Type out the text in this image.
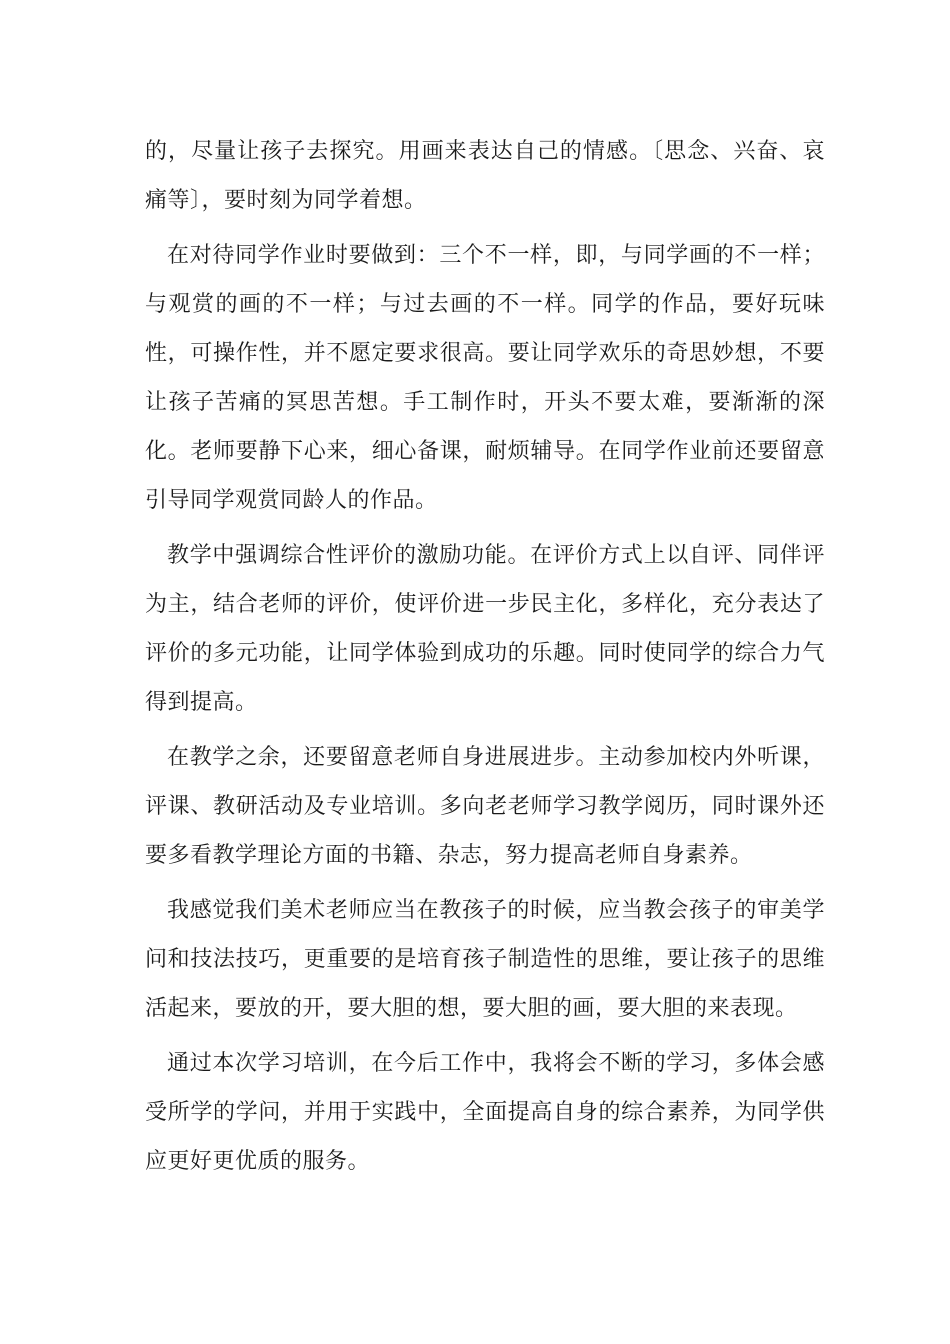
的，尽量让孩子去探究。用画来表达自己的情感。〔思念、兴奋、哀痛等〕，要时刻为同学着想。

在对待同学作业时要做到：三个不一样，即，与同学画的不一样；与观赏的画的不一样；与过去画的不一样。同学的作品，要好玩味性，可操作性，并不愿定要求很高。要让同学欢乐的奇思妙想，不要让孩子苦痛的冥思苦想。手工制作时，开头不要太难，要渐渐的深化。老师要静下心来，细心备课，耐烦辅导。在同学作业前还要留意引导同学观赏同龄人的作品。

教学中强调综合性评价的激励功能。在评价方式上以自评、同伴评为主，结合老师的评价，使评价进一步民主化，多样化，充分表达了评价的多元功能，让同学体验到成功的乐趣。同时使同学的综合力气得到提高。

在教学之余，还要留意老师自身进展进步。主动参加校内外听课，评课、教研活动及专业培训。多向老老师学习教学阅历，同时课外还要多看教学理论方面的书籍、杂志，努力提高老师自身素养。

我感觉我们美术老师应当在教孩子的时候，应当教会孩子的审美学问和技法技巧，更重要的是培育孩子制造性的思维，要让孩子的思维活起来，要放的开，要大胆的想，要大胆的画，要大胆的来表现。

通过本次学习培训，在今后工作中，我将会不断的学习，多体会感受所学的学问，并用于实践中，全面提高自身的综合素养，为同学供应更好更优质的服务。
